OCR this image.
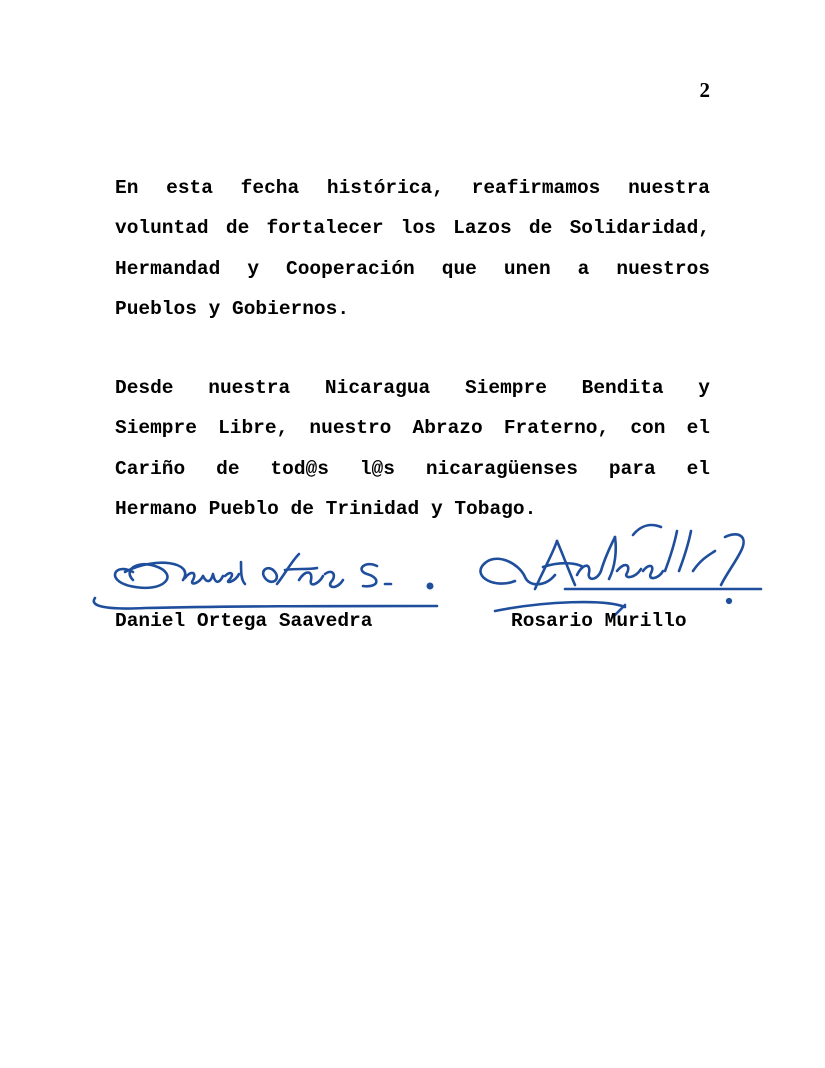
2
En esta fecha histórica, reafirmamos nuestra
voluntad de fortalecer los Lazos de Solidaridad,
Hermandad y Cooperación que unen a nuestros
Pueblos y Gobiernos.
Desde nuestra Nicaragua Siempre Bendita y
Siempre Libre, nuestro Abrazo Fraterno, con el
Cariño de tod@s l@s nicaragüenses para el
Hermano Pueblo de Trinidad y Tobago.
Daniel Ortega Saavedra	Rosario Murillo
